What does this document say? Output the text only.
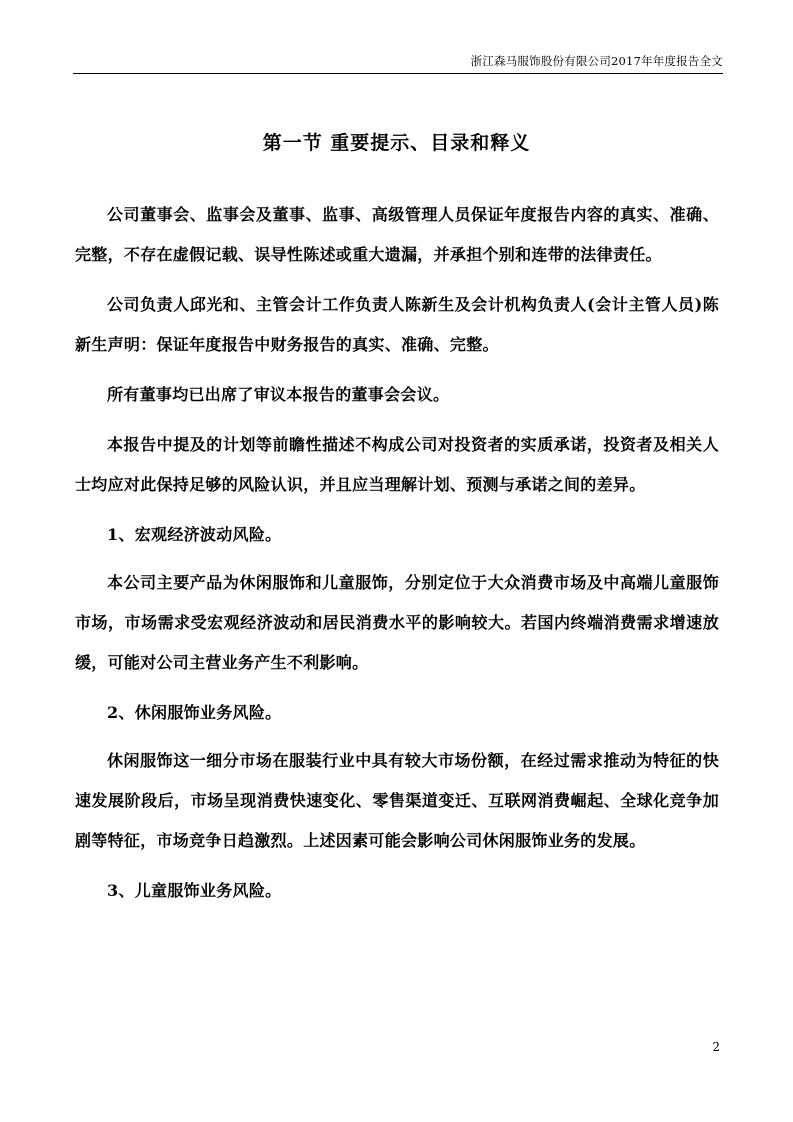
浙江森马服饰股份有限公司2017年年度报告全文
第一节 重要提示、目录和释义

公司董事会、监事会及董事、监事、高级管理人员保证年度报告内容的真实、准确、完整，不存在虚假记载、误导性陈述或重大遗漏，并承担个别和连带的法律责任。

公司负责人邱光和、主管会计工作负责人陈新生及会计机构负责人(会计主管人员)陈新生声明：保证年度报告中财务报告的真实、准确、完整。

所有董事均已出席了审议本报告的董事会会议。

本报告中提及的计划等前瞻性描述不构成公司对投资者的实质承诺，投资者及相关人士均应对此保持足够的风险认识，并且应当理解计划、预测与承诺之间的差异。

1、宏观经济波动风险。

本公司主要产品为休闲服饰和儿童服饰，分别定位于大众消费市场及中高端儿童服饰市场，市场需求受宏观经济波动和居民消费水平的影响较大。若国内终端消费需求增速放缓，可能对公司主营业务产生不利影响。

2、休闲服饰业务风险。

休闲服饰这一细分市场在服装行业中具有较大市场份额，在经过需求推动为特征的快速发展阶段后，市场呈现消费快速变化、零售渠道变迁、互联网消费崛起、全球化竞争加剧等特征，市场竞争日趋激烈。上述因素可能会影响公司休闲服饰业务的发展。

3、儿童服饰业务风险。

2
